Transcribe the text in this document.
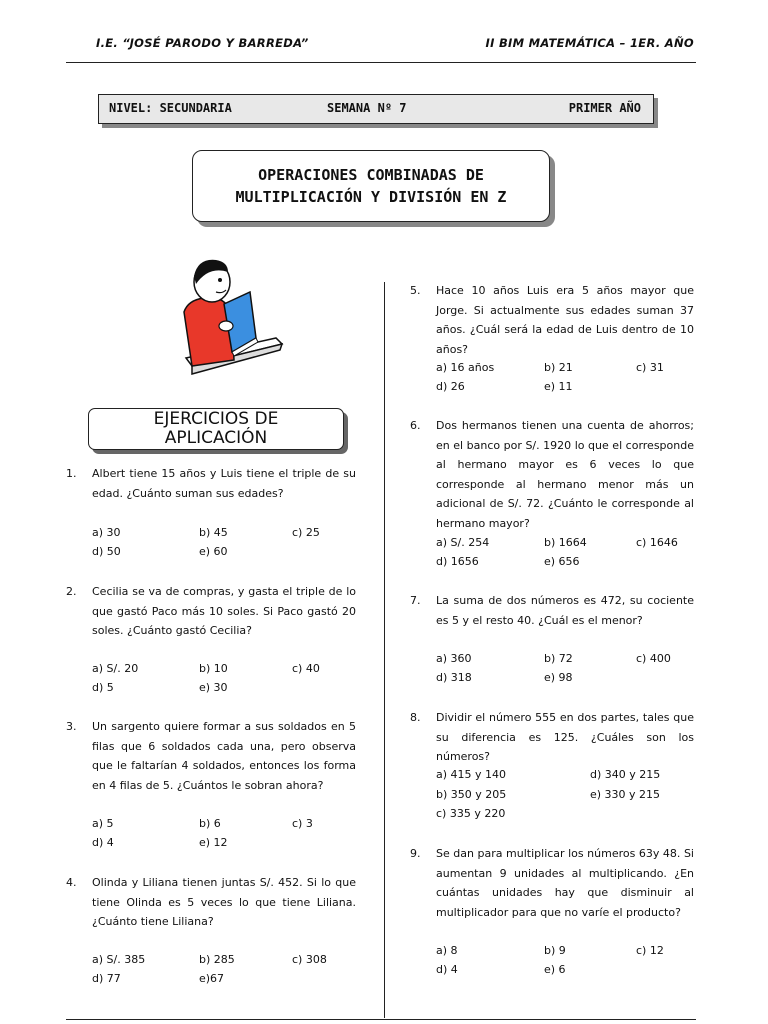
I.E. “JOSÉ PARODO Y BARREDA”	II BIM MATEMÁTICA – 1ER. AÑO
NIVEL: SECUNDARIA	SEMANA Nº 7	PRIMER AÑO
OPERACIONES COMBINADAS DE
MULTIPLICACIÓN Y DIVISIÓN EN Z
EJERCICIOS DE
APLICACIÓN
1. Albert tiene 15 años y Luis tiene el triple de su edad. ¿Cuánto suman sus edades?
a) 30	b) 45	c) 25
d) 50	e) 60
2. Cecilia se va de compras, y gasta el triple de lo que gastó Paco más 10 soles. Si Paco gastó 20 soles. ¿Cuánto gastó Cecilia?
a) S/. 20	b) 10	c) 40
d) 5	e) 30
3. Un sargento quiere formar a sus soldados en 5 filas que 6 soldados cada una, pero observa que le faltarían 4 soldados, entonces los forma en 4 filas de 5. ¿Cuántos le sobran ahora?
a) 5	b) 6	c) 3
d) 4	e) 12
4. Olinda y Liliana tienen juntas S/. 452. Si lo que tiene Olinda es 5 veces lo que tiene Liliana. ¿Cuánto tiene Liliana?
a) S/. 385	b) 285	c) 308
d) 77	e)67
5. Hace 10 años Luis era 5 años mayor que Jorge. Si actualmente sus edades suman 37 años. ¿Cuál será la edad de Luis dentro de 10 años?
a) 16 años	b) 21	c) 31
d) 26	e) 11
6. Dos hermanos tienen una cuenta de ahorros; en el banco por S/. 1920 lo que el corresponde al hermano mayor es 6 veces lo que corresponde al hermano menor más un adicional de S/. 72. ¿Cuánto le corresponde al hermano mayor?
a) S/. 254	b) 1664	c) 1646
d) 1656	e) 656
7. La suma de dos números es 472, su cociente es 5 y el resto 40. ¿Cuál es el menor?
a) 360	b) 72	c) 400
d) 318	e) 98
8. Dividir el número 555 en dos partes, tales que su diferencia es 125. ¿Cuáles son los números?
a) 415 y 140	d) 340 y 215
b) 350 y 205	e) 330 y 215
c) 335 y 220
9. Se dan para multiplicar los números 63y 48. Si aumentan 9 unidades al multiplicando. ¿En cuántas unidades hay que disminuir al multiplicador para que no varíe el producto?
a) 8	b) 9	c) 12
d) 4	e) 6
